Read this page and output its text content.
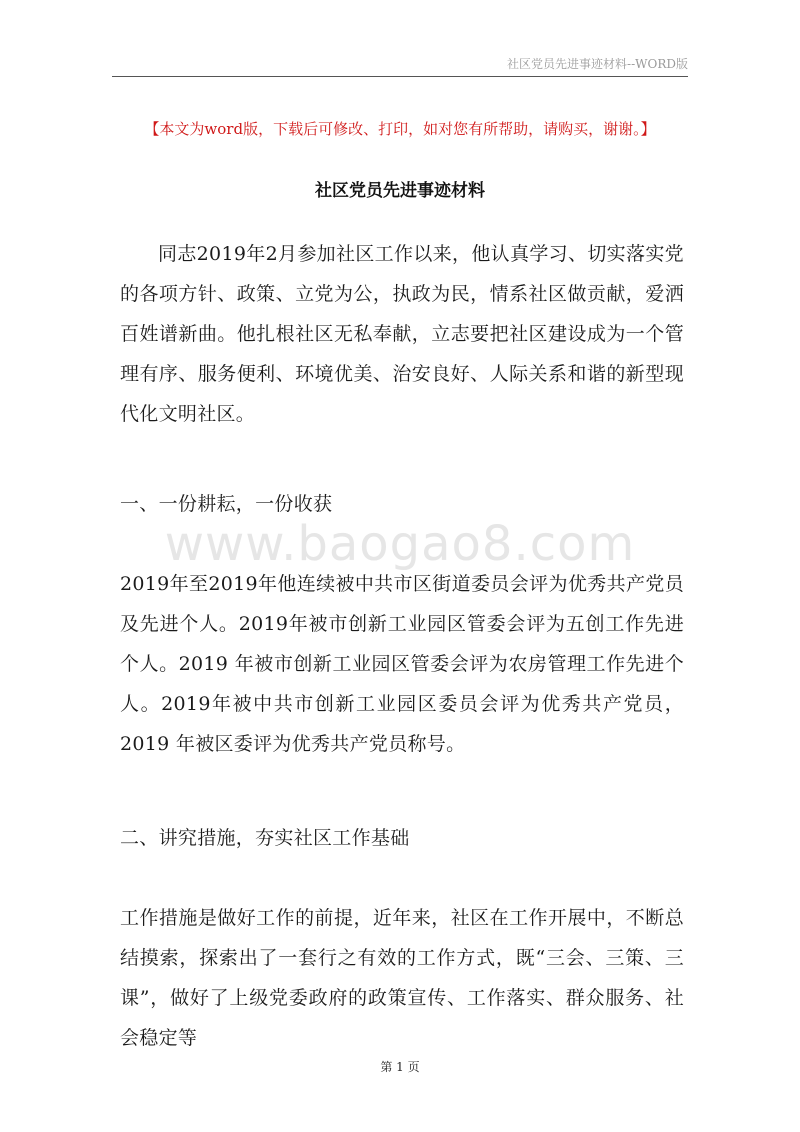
社区党员先进事迹材料--WORD版
【本文为word版，下载后可修改、打印，如对您有所帮助，请购买，谢谢。】
社区党员先进事迹材料

同志2019年2月参加社区工作以来，他认真学习、切实落实党的各项方针、政策、立党为公，执政为民，情系社区做贡献，爱洒百姓谱新曲。他扎根社区无私奉献，立志要把社区建设成为一个管理有序、服务便利、环境优美、治安良好、人际关系和谐的新型现代化文明社区。

一、一份耕耘，一份收获

www.baogao8.com

2019年至2019年他连续被中共市区街道委员会评为优秀共产党员及先进个人。2019年被市创新工业园区管委会评为五创工作先进个人。2019 年被市创新工业园区管委会评为农房管理工作先进个人。2019年被中共市创新工业园区委员会评为优秀共产党员，2019 年被区委评为优秀共产党员称号。

二、讲究措施，夯实社区工作基础

工作措施是做好工作的前提，近年来，社区在工作开展中，不断总结摸索，探索出了一套行之有效的工作方式，既“三会、三策、三课”，做好了上级党委政府的政策宣传、工作落实、群众服务、社会稳定等

第 1 页
